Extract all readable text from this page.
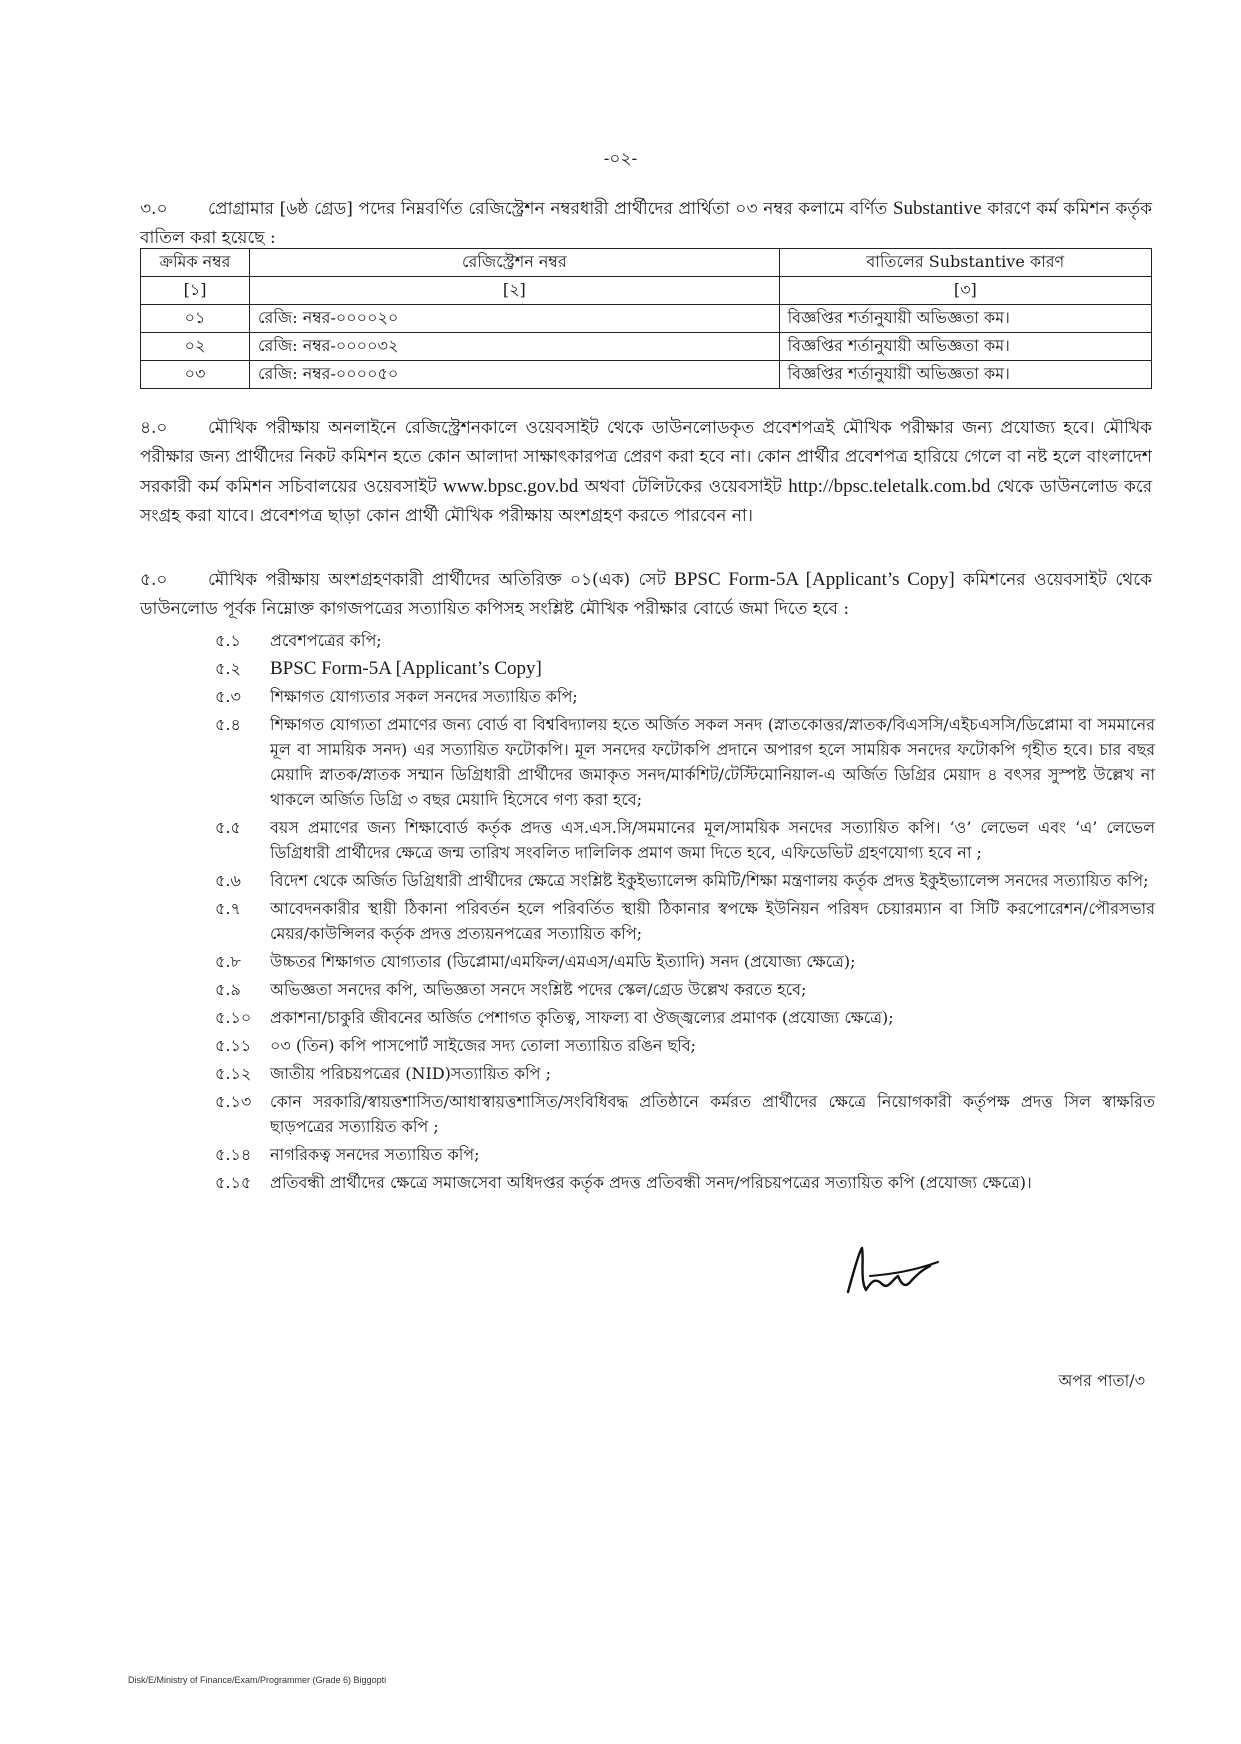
-০২-
৩.০ প্রোগ্রামার [৬ষ্ঠ গ্রেড] পদের নিম্নবর্ণিত রেজিস্ট্রেশন নম্বরধারী প্রার্থীদের প্রার্থিতা ০৩ নম্বর কলামে বর্ণিত Substantive কারণে কর্ম কমিশন কর্তৃক বাতিল করা হয়েছে :
ক্রমিক নম্বর	রেজিস্ট্রেশন নম্বর	বাতিলের Substantive কারণ
[১]	[২]	[৩]
০১	রেজি: নম্বর-০০০০২০	বিজ্ঞপ্তির শর্তানুযায়ী অভিজ্ঞতা কম।
০২	রেজি: নম্বর-০০০০৩২	বিজ্ঞপ্তির শর্তানুযায়ী অভিজ্ঞতা কম।
০৩	রেজি: নম্বর-০০০০৫০	বিজ্ঞপ্তির শর্তানুযায়ী অভিজ্ঞতা কম।
৪.০ মৌখিক পরীক্ষায় অনলাইনে রেজিস্ট্রেশনকালে ওয়েবসাইট থেকে ডাউনলোডকৃত প্রবেশপত্রই মৌখিক পরীক্ষার জন্য প্রযোজ্য হবে। মৌখিক পরীক্ষার জন্য প্রার্থীদের নিকট কমিশন হতে কোন আলাদা সাক্ষাৎকারপত্র প্রেরণ করা হবে না। কোন প্রার্থীর প্রবেশপত্র হারিয়ে গেলে বা নষ্ট হলে বাংলাদেশ সরকারী কর্ম কমিশন সচিবালয়ের ওয়েবসাইট www.bpsc.gov.bd অথবা টেলিটকের ওয়েবসাইট http://bpsc.teletalk.com.bd থেকে ডাউনলোড করে সংগ্রহ করা যাবে। প্রবেশপত্র ছাড়া কোন প্রার্থী মৌখিক পরীক্ষায় অংশগ্রহণ করতে পারবেন না।
৫.০ মৌখিক পরীক্ষায় অংশগ্রহণকারী প্রার্থীদের অতিরিক্ত ০১(এক) সেট BPSC Form-5A [Applicant’s Copy] কমিশনের ওয়েবসাইট থেকে ডাউনলোড পূর্বক নিম্নোক্ত কাগজপত্রের সত্যায়িত কপিসহ সংশ্লিষ্ট মৌখিক পরীক্ষার বোর্ডে জমা দিতে হবে :
৫.১	প্রবেশপত্রের কপি;
৫.২	BPSC Form-5A [Applicant’s Copy]
৫.৩	শিক্ষাগত যোগ্যতার সকল সনদের সত্যায়িত কপি;
৫.৪	শিক্ষাগত যোগ্যতা প্রমাণের জন্য বোর্ড বা বিশ্ববিদ্যালয় হতে অর্জিত সকল সনদ (স্নাতকোত্তর/স্নাতক/বিএসসি/এইচএসসি/ডিপ্লোমা বা সমমানের মূল বা সাময়িক সনদ) এর সত্যায়িত ফটোকপি। মূল সনদের ফটোকপি প্রদানে অপারগ হলে সাময়িক সনদের ফটোকপি গৃহীত হবে। চার বছর মেয়াদি স্নাতক/স্নাতক সম্মান ডিগ্রিধারী প্রার্থীদের জমাকৃত সনদ/মার্কশিট/টেস্টিমোনিয়াল-এ অর্জিত ডিগ্রির মেয়াদ ৪ বৎসর সুস্পষ্ট উল্লেখ না থাকলে অর্জিত ডিগ্রি ৩ বছর মেয়াদি হিসেবে গণ্য করা হবে;
৫.৫	বয়স প্রমাণের জন্য শিক্ষাবোর্ড কর্তৃক প্রদত্ত এস.এস.সি/সমমানের মূল/সাময়িক সনদের সত্যায়িত কপি। ‘ও’ লেভেল এবং ‘এ’ লেভেল ডিগ্রিধারী প্রার্থীদের ক্ষেত্রে জন্ম তারিখ সংবলিত দালিলিক প্রমাণ জমা দিতে হবে, এফিডেভিট গ্রহণযোগ্য হবে না ;
৫.৬	বিদেশ থেকে অর্জিত ডিগ্রিধারী প্রার্থীদের ক্ষেত্রে সংশ্লিষ্ট ইকুইভ্যালেন্স কমিটি/শিক্ষা মন্ত্রণালয় কর্তৃক প্রদত্ত ইকুইভ্যালেন্স সনদের সত্যায়িত কপি;
৫.৭	আবেদনকারীর স্থায়ী ঠিকানা পরিবর্তন হলে পরিবর্তিত স্থায়ী ঠিকানার স্বপক্ষে ইউনিয়ন পরিষদ চেয়ারম্যান বা সিটি করপোরেশন/পৌরসভার মেয়র/কাউন্সিলর কর্তৃক প্রদত্ত প্রত্যয়নপত্রের সত্যায়িত কপি;
৫.৮	উচ্চতর শিক্ষাগত যোগ্যতার (ডিপ্লোমা/এমফিল/এমএস/এমডি ইত্যাদি) সনদ (প্রযোজ্য ক্ষেত্রে);
৫.৯	অভিজ্ঞতা সনদের কপি, অভিজ্ঞতা সনদে সংশ্লিষ্ট পদের স্কেল/গ্রেড উল্লেখ করতে হবে;
৫.১০	প্রকাশনা/চাকুরি জীবনের অর্জিত পেশাগত কৃতিত্ব, সাফল্য বা ঔজ্জ্বল্যের প্রমাণক (প্রযোজ্য ক্ষেত্রে);
৫.১১	০৩ (তিন) কপি পাসপোর্ট সাইজের সদ্য তোলা সত্যায়িত রঙিন ছবি;
৫.১২	জাতীয় পরিচয়পত্রের (NID)সত্যায়িত কপি ;
৫.১৩	কোন সরকারি/স্বায়ত্তশাসিত/আধাস্বায়ত্তশাসিত/সংবিধিবদ্ধ প্রতিষ্ঠানে কর্মরত প্রার্থীদের ক্ষেত্রে নিয়োগকারী কর্তৃপক্ষ প্রদত্ত সিল স্বাক্ষরিত ছাড়পত্রের সত্যায়িত কপি ;
৫.১৪	নাগরিকত্ব সনদের সত্যায়িত কপি;
৫.১৫	প্রতিবন্ধী প্রার্থীদের ক্ষেত্রে সমাজসেবা অধিদপ্তর কর্তৃক প্রদত্ত প্রতিবন্ধী সনদ/পরিচয়পত্রের সত্যায়িত কপি (প্রযোজ্য ক্ষেত্রে)।
অপর পাতা/৩
Disk/E/Ministry of Finance/Exam/Programmer (Grade 6) Biggopti
